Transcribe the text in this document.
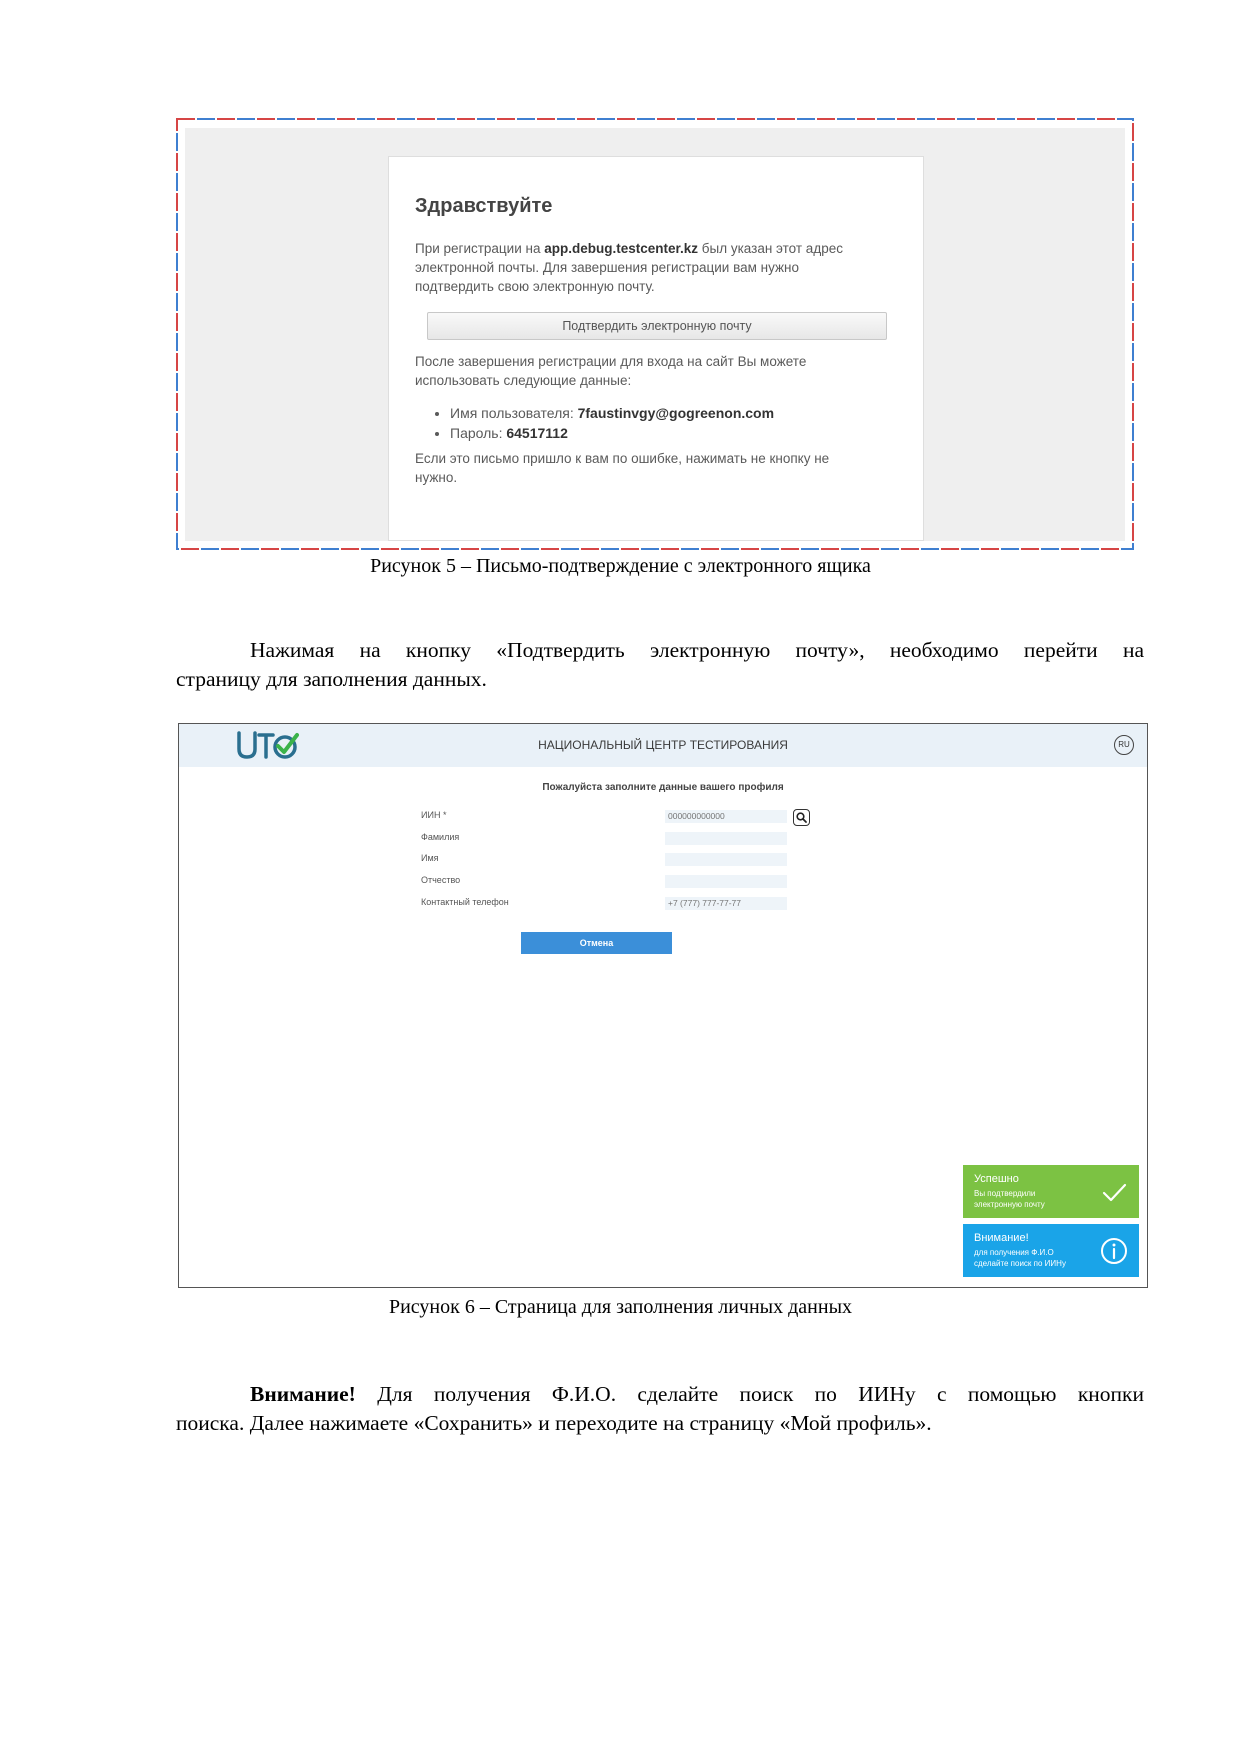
Здравствуйте
При регистрации на app.debug.testcenter.kz был указан этот адрес
электронной почты. Для завершения регистрации вам нужно
подтвердить свою электронную почту.
Подтвердить электронную почту
После завершения регистрации для входа на сайт Вы можете
использовать следующие данные:
• Имя пользователя: 7faustinvgy@gogreenon.com
• Пароль: 64517112
Если это письмо пришло к вам по ошибке, нажимать не кнопку не
нужно.
Рисунок 5 – Письмо-подтверждение с электронного ящика
Нажимая на кнопку «Подтвердить электронную почту», необходимо перейти на
страницу для заполнения данных.
НАЦИОНАЛЬНЫЙ ЦЕНТР ТЕСТИРОВАНИЯ	RU
Пожалуйста заполните данные вашего профиля
ИИН *
000000000000
Фамилия
Имя
Отчество
Контактный телефон
+7 (777) 777-77-77
Отмена
Успешно
Вы подтвердили электронную почту
Внимание!
для получения Ф.И.О сделайте поиск по ИИНу
Рисунок 6 – Страница для заполнения личных данных
Внимание! Для получения Ф.И.О. сделайте поиск по ИИНу с помощью кнопки
поиска. Далее нажимаете «Сохранить» и переходите на страницу «Мой профиль».
